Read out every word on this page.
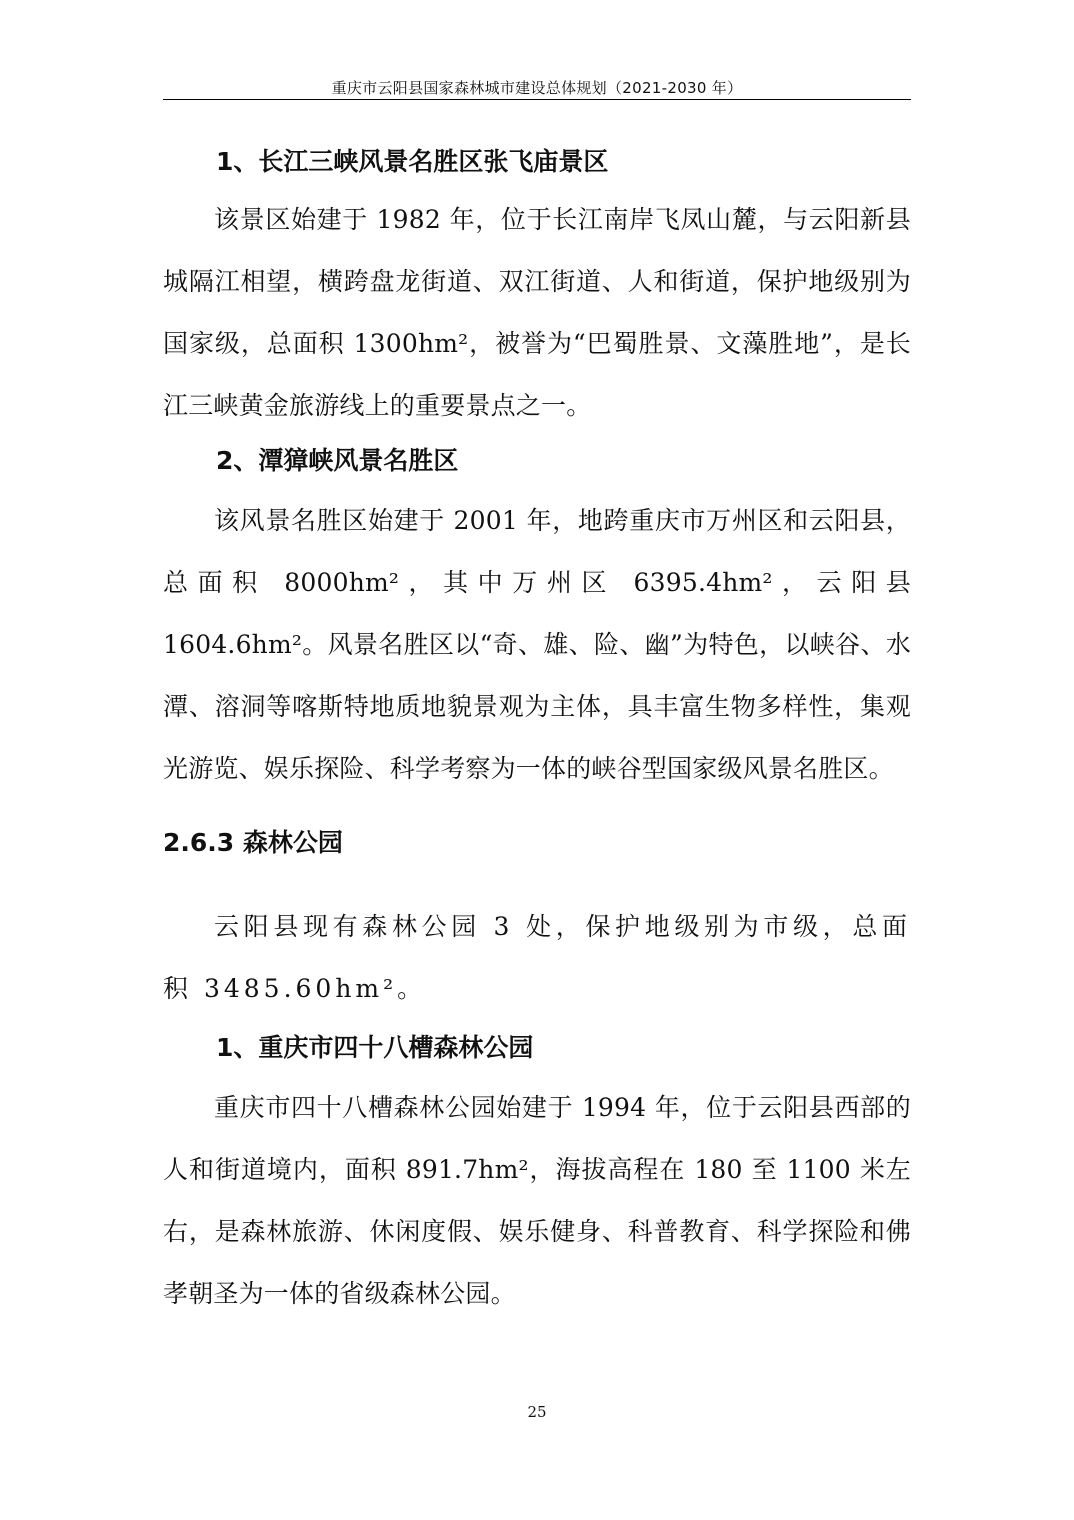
重庆市云阳县国家森林城市建设总体规划（2021-2030 年）
1、长江三峡风景名胜区张飞庙景区

该景区始建于 1982 年，位于长江南岸飞凤山麓，与云阳新县城隔江相望，横跨盘龙街道、双江街道、人和街道，保护地级别为国家级，总面积 1300hm²，被誉为“巴蜀胜景、文藻胜地”，是长江三峡黄金旅游线上的重要景点之一。

2、潭獐峡风景名胜区

该风景名胜区始建于 2001 年，地跨重庆市万州区和云阳县，总面积 8000hm²，其中万州区 6395.4hm²，云阳县 1604.6hm²。风景名胜区以“奇、雄、险、幽”为特色，以峡谷、水潭、溶洞等喀斯特地质地貌景观为主体，具丰富生物多样性，集观光游览、娱乐探险、科学考察为一体的峡谷型国家级风景名胜区。

2.6.3 森林公园

云阳县现有森林公园 3 处，保护地级别为市级，总面积 3485.60hm²。

1、重庆市四十八槽森林公园

重庆市四十八槽森林公园始建于 1994 年，位于云阳县西部的人和街道境内，面积 891.7hm²，海拔高程在 180 至 1100 米左右，是森林旅游、休闲度假、娱乐健身、科普教育、科学探险和佛孝朝圣为一体的省级森林公园。

25
